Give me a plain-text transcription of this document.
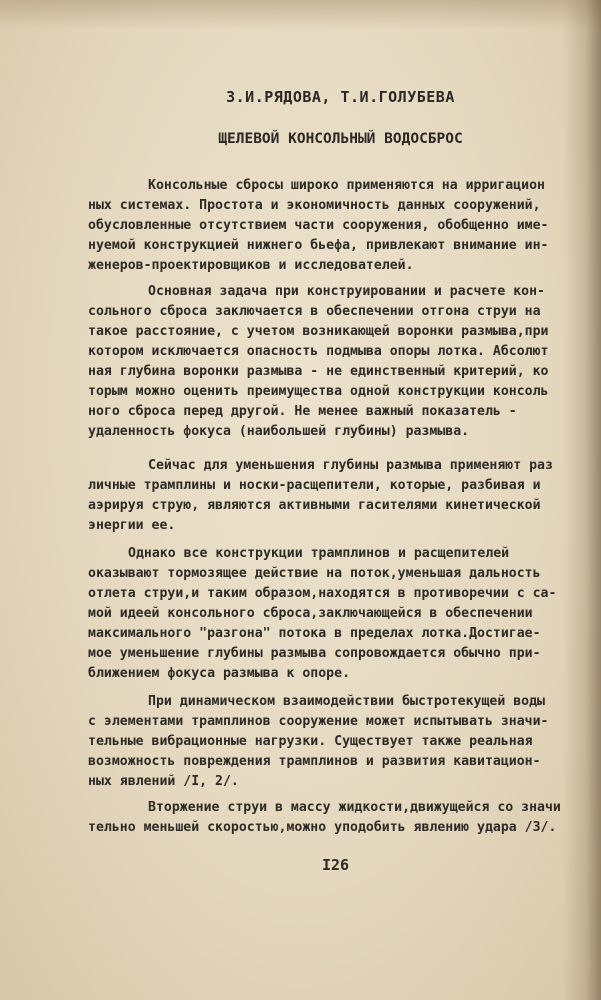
З.И.РЯДОВА, Т.И.ГОЛУБЕВА
ЩЕЛЕВОЙ КОНСОЛЬНЫЙ ВОДОСБРОС
Консольные сбросы широко применяются на ирригацион
ных системах. Простота и экономичность данных сооружений,
обусловленные отсутствием части сооружения, обобщенно име-
нуемой конструкцией нижнего бьефа, привлекают внимание ин-
женеров-проектировщиков и исследователей.
Основная задача при конструировании и расчете кон-
сольного сброса заключается в обеспечении отгона струи на
такое расстояние, с учетом возникающей воронки размыва,при
котором исключается опасность подмыва опоры лотка. Абсолют
ная глубина воронки размыва - не единственный критерий, ко
торым можно оценить преимущества одной конструкции консоль
ного сброса перед другой. Не менее важный показатель -
удаленность фокуса (наибольшей глубины) размыва.
Сейчас для уменьшения глубины размыва применяют раз
личные трамплины и носки-расщепители, которые, разбивая и
аэрируя струю, являются активными гасителями кинетической
энергии ее.
Однако все конструкции трамплинов и расщепителей
оказывают тормозящее действие на поток,уменьшая дальность
отлета струи,и таким образом,находятся в противоречии с са-
мой идеей консольного сброса,заключающейся в обеспечении
максимального "разгона" потока в пределах лотка.Достигае-
мое уменьшение глубины размыва сопровождается обычно при-
ближением фокуса размыва к опоре.
При динамическом взаимодействии быстротекущей воды
с элементами трамплинов сооружение может испытывать значи-
тельные вибрационные нагрузки. Существует также реальная
возможность повреждения трамплинов и развития кавитацион-
ных явлений /I, 2/.
Вторжение струи в массу жидкости,движущейся со значи
тельно меньшей скоростью,можно уподобить явлению удара /3/.
I26
